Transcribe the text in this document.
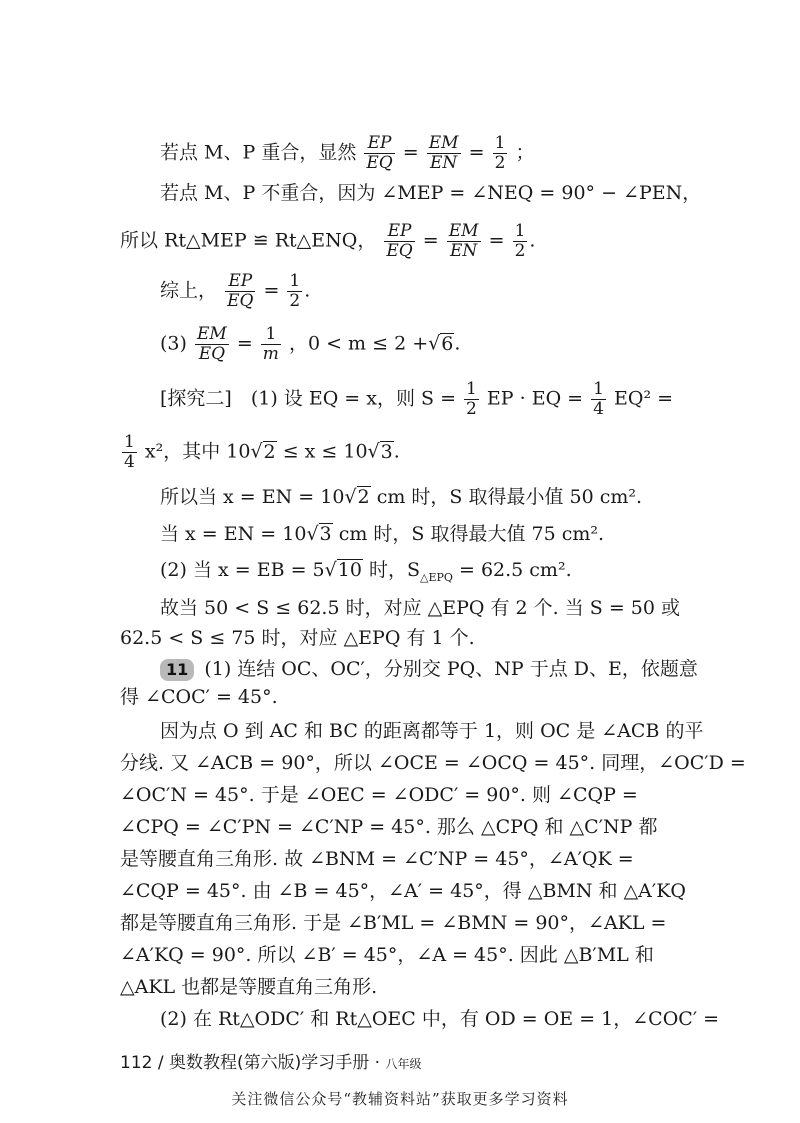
若点 M、P 重合，显然 $\frac{EP}{EQ} = \frac{EM}{EN} = \frac{1}{2}$ ；
若点 M、P 不重合，因为 ∠MEP = ∠NEQ = 90° − ∠PEN，
所以 Rt△MEP ≌ Rt△ENQ， $\frac{EP}{EQ} = \frac{EM}{EN} = \frac{1}{2}$ .
综上， $\frac{EP}{EQ} = \frac{1}{2}$ .
$(3) \frac{EM}{EQ} = \frac{1}{m}$ ，0 < m ≤ 2 +√6.
[探究二]　(1) 设 EQ = x，则 $S = \frac{1}{2}$ EP · EQ = $\frac{1}{4} EQ^2$ =
$\frac{1}{4} x^2$，其中 10√2 ≤ x ≤ 10√3.
所以当 x = EN = 10√2 cm 时，S 取得最小值 50 cm².
当 x = EN = 10√3 cm 时，S 取得最大值 75 cm².
(2) 当 x = EB = 5√10 时，$S_{\triangle EPQ} = 62.5$ cm².
故当 50 < S ≤ 62.5 时，对应 △EPQ 有 2 个. 当 S = 50 或
62.5 < S ≤ 75 时，对应 △EPQ 有 1 个.
11 (1) 连结 OC、OC′，分别交 PQ、NP 于点 D、E，依题意
得 ∠COC′ = 45°.
因为点 O 到 AC 和 BC 的距离都等于 1，则 OC 是 ∠ACB 的平
分线. 又 ∠ACB = 90°，所以 ∠OCE = ∠OCQ = 45°. 同理，∠OC′D =
∠OC′N = 45°. 于是 ∠OEC = ∠ODC′ = 90°. 则 ∠CQP =
∠CPQ = ∠C′PN = ∠C′NP = 45°. 那么 △CPQ 和 △C′NP 都
是等腰直角三角形. 故 ∠BNM = ∠C′NP = 45°，∠A′QK =
∠CQP = 45°. 由 ∠B = 45°，∠A′ = 45°，得 △BMN 和 △A′KQ
都是等腰直角三角形. 于是 ∠B′ML = ∠BMN = 90°，∠AKL =
∠A′KQ = 90°. 所以 ∠B′ = 45°，∠A = 45°. 因此 △B′ML 和
△AKL 也都是等腰直角三角形.
(2) 在 Rt△ODC′ 和 Rt△OEC 中，有 OD = OE = 1，∠COC′ =
112 / 奥数教程(第六版)学习手册 · 八年级
关注微信公众号“教辅资料站”获取更多学习资料
